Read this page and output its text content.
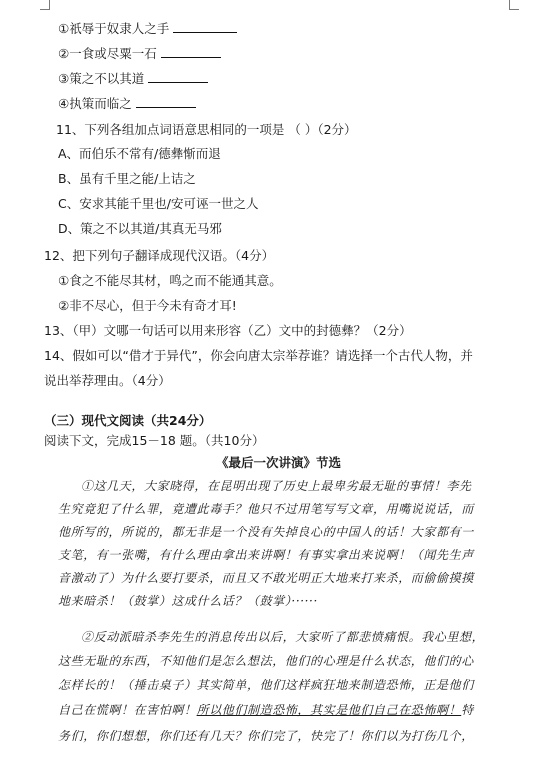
①祇辱于奴隶人之手
②一食或尽粟一石
③策之不以其道
④执策而临之
11、下列各组加点词语意思相同的一项是 （ ）（2分）
A、而伯乐不常有/德彝惭而退
B、虽有千里之能/上诘之
C、安求其能千里也/安可诬一世之人
D、策之不以其道/其真无马邪
12、把下列句子翻译成现代汉语。（4分）
①食之不能尽其材，鸣之而不能通其意。
②非不尽心，但于今未有奇才耳!
13、（甲）文哪一句话可以用来形容（乙）文中的封德彝？（2分）
14、假如可以“借才于异代”，你会向唐太宗举荐谁？请选择一个古代人物，并
说出举荐理由。（4分）
（三）现代文阅读（共24分）
阅读下文，完成15－18 题。（共10分）
《最后一次讲演》节选
①这几天，大家晓得，在昆明出现了历史上最卑劣最无耻的事情！李先
生究竟犯了什么罪，竟遭此毒手？他只不过用笔写写文章，用嘴说说话，而
他所写的，所说的，都无非是一个没有失掉良心的中国人的话！大家都有一
支笔，有一张嘴，有什么理由拿出来讲啊！有事实拿出来说啊！（闻先生声
音激动了）为什么要打要杀，而且又不敢光明正大地来打来杀，而偷偷摸摸
地来暗杀！（鼓掌）这成什么话？（鼓掌）······
②反动派暗杀李先生的消息传出以后，大家听了都悲愤痛恨。我心里想，
这些无耻的东西，不知他们是怎么想法，他们的心理是什么状态，他们的心
怎样长的！（捶击桌子）其实简单，他们这样疯狂地来制造恐怖，正是他们
自己在慌啊！在害怕啊！所以他们制造恐怖，其实是他们自己在恐怖啊！特
务们，你们想想，你们还有几天？你们完了，快完了！你们以为打伤几个，
